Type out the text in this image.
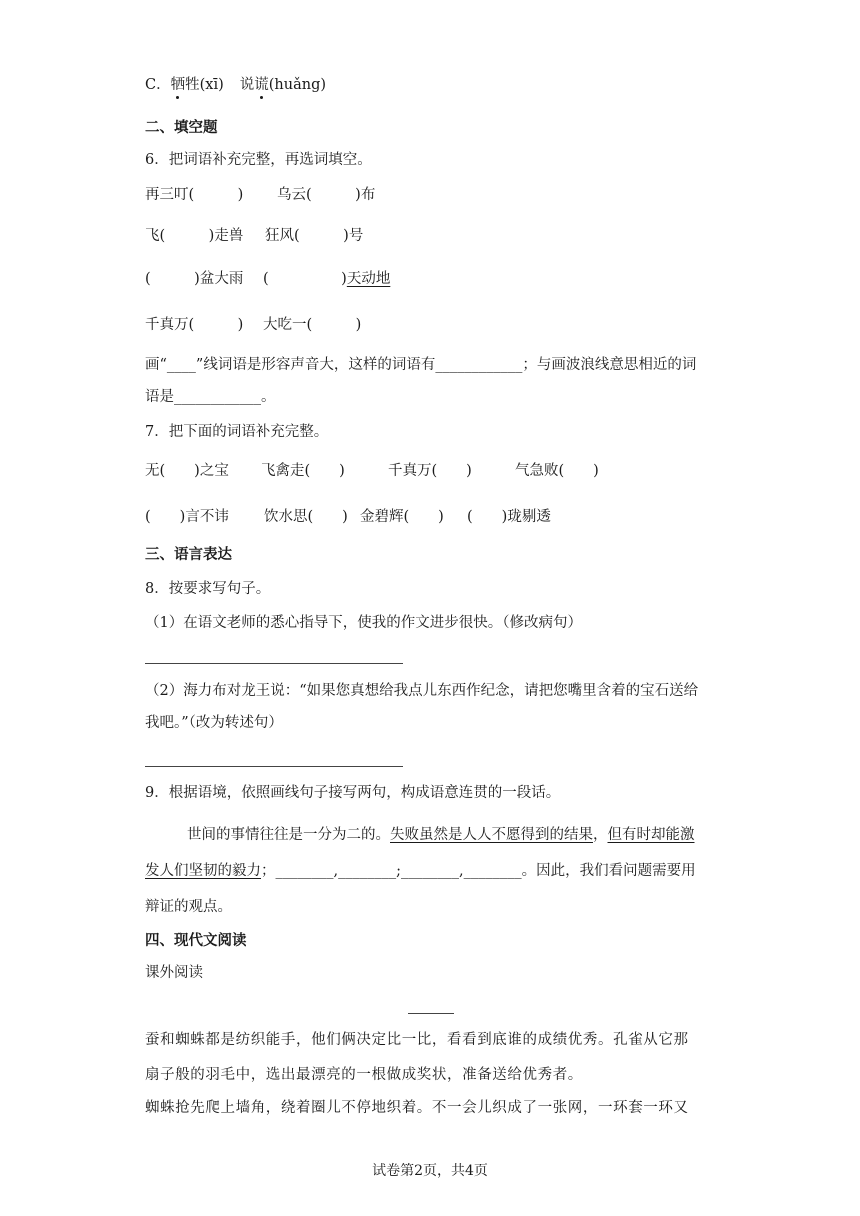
C．牺牲(xī) 说谎(huǎng)
二、填空题
6．把词语补充完整，再选词填空。
再三叮(　　　) 乌云(　　　)布
飞(　　　)走兽 狂风(　　　)号
(　　　)盆大雨 (　　　　　)天动地
千真万(　　　) 大吃一(　　　)
画“____”线词语是形容声音大，这样的词语有____________；与画波浪线意思相近的词
语是____________。
7．把下面的词语补充完整。
无(　　)之宝 飞禽走(　　)	千真万(　　)	气急败(　　)
(　　)言不讳 饮水思(　　) 金碧辉(　　) (　　)珑剔透
三、语言表达
8．按要求写句子。
（1）在语文老师的悉心指导下，使我的作文进步很快。（修改病句）
（2）海力布对龙王说：“如果您真想给我点儿东西作纪念，请把您嘴里含着的宝石送给
我吧。”（改为转述句）
9．根据语境，依照画线句子接写两句，构成语意连贯的一段话。
世间的事情往往是一分为二的。失败虽然是人人不愿得到的结果，但有时却能激
发人们坚韧的毅力；________,________;________,________。因此，我们看问题需要用
辩证的观点。
四、现代文阅读
课外阅读
蚕和蜘蛛都是纺织能手，他们俩决定比一比，看看到底谁的成绩优秀。孔雀从它那
扇子般的羽毛中，选出最漂亮的一根做成奖状，准备送给优秀者。
蜘蛛抢先爬上墙角，绕着圈儿不停地织着。不一会儿织成了一张网，一环套一环又
试卷第2页，共4页
